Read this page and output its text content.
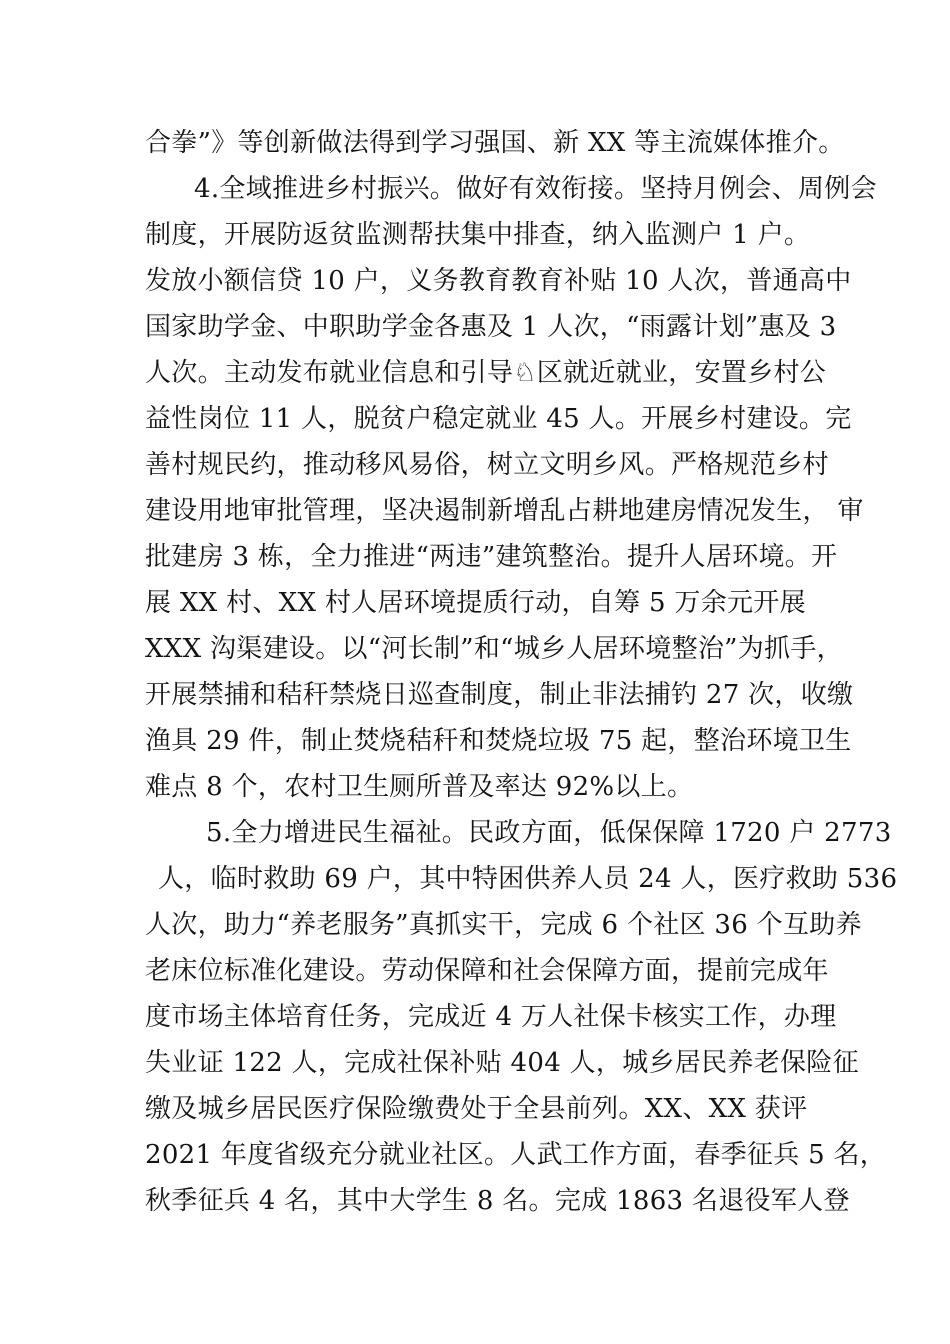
合拳”》等创新做法得到学习强国、新 XX 等主流媒体推介。
4.全域推进乡村振兴。做好有效衔接。坚持月例会、周例会
制度，开展防返贫监测帮扶集中排查，纳入监测户 1 户。
发放小额信贷 10 户，义务教育教育补贴 10 人次，普通高中
国家助学金、中职助学金各惠及 1 人次，“雨露计划”惠及 3
人次。主动发布就业信息和引导♘区就近就业，安置乡村公
益性岗位 11 人，脱贫户稳定就业 45 人。开展乡村建设。完
善村规民约，推动移风易俗，树立文明乡风。严格规范乡村
建设用地审批管理，坚决遏制新增乱占耕地建房情况发生， 审
批建房 3 栋，全力推进“两违”建筑整治。提升人居环境。开
展 XX 村、XX 村人居环境提质行动，自筹 5 万余元开展
XXX 沟渠建设。以“河长制”和“城乡人居环境整治”为抓手，
开展禁捕和秸秆禁烧日巡查制度，制止非法捕钓 27 次，收缴
渔具 29 件，制止焚烧秸秆和焚烧垃圾 75 起，整治环境卫生
难点 8 个，农村卫生厕所普及率达 92%以上。
5.全力增进民生福祉。民政方面，低保保障 1720 户 2773
人，临时救助 69 户，其中特困供养人员 24 人，医疗救助 536
人次，助力“养老服务”真抓实干，完成 6 个社区 36 个互助养
老床位标准化建设。劳动保障和社会保障方面，提前完成年
度市场主体培育任务，完成近 4 万人社保卡核实工作，办理
失业证 122 人，完成社保补贴 404 人，城乡居民养老保险征
缴及城乡居民医疗保险缴费处于全县前列。XX、XX 获评
2021 年度省级充分就业社区。人武工作方面，春季征兵 5 名，
秋季征兵 4 名，其中大学生 8 名。完成 1863 名退役军人登
